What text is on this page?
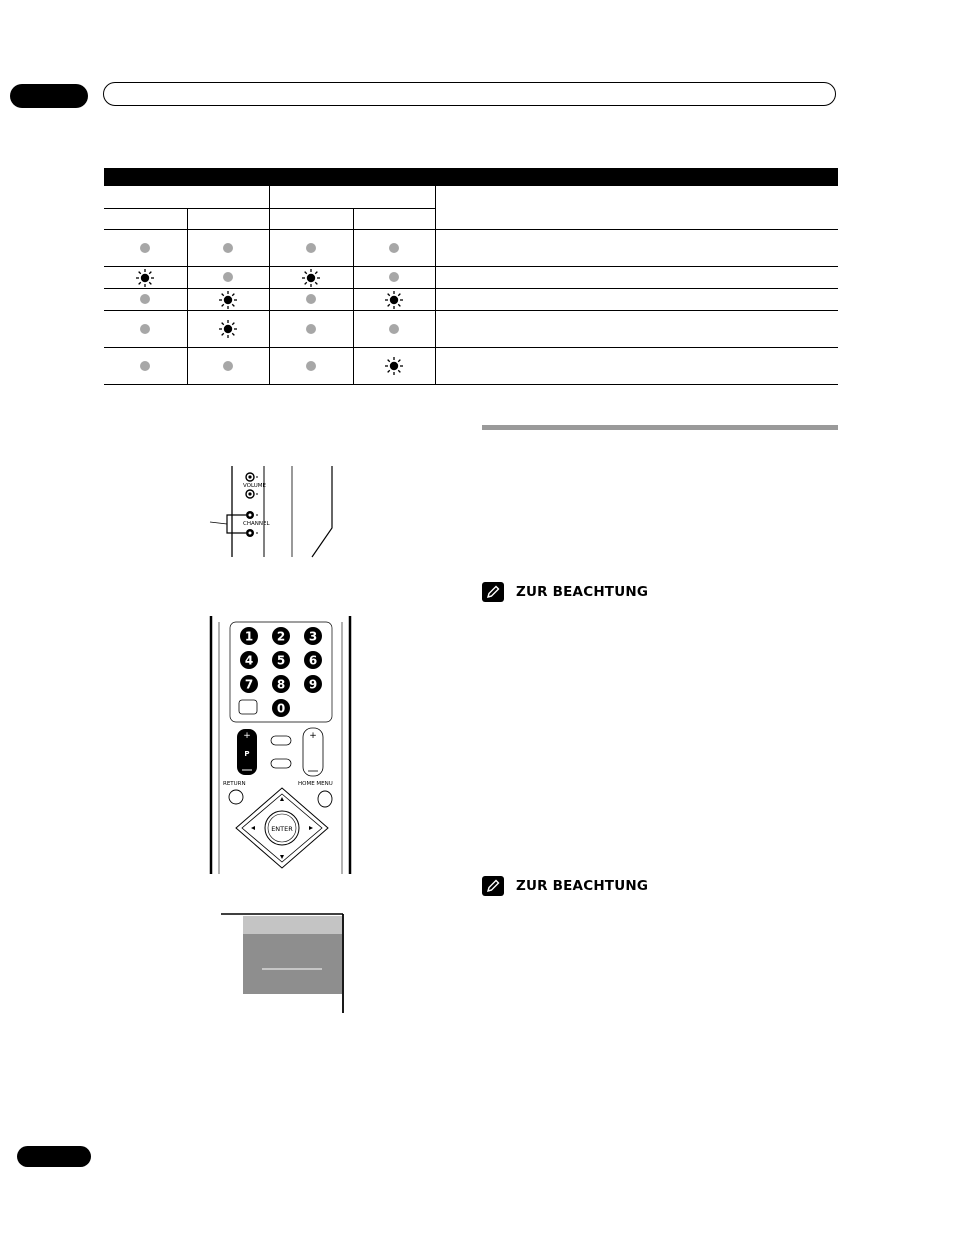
ZUR BEACHTUNG
ZUR BEACHTUNG
VOLUME
CHANNEL
1 2 3
4 5 6
7 8 9
0
+
P
+
RETURN	HOME MENU
ENTER
